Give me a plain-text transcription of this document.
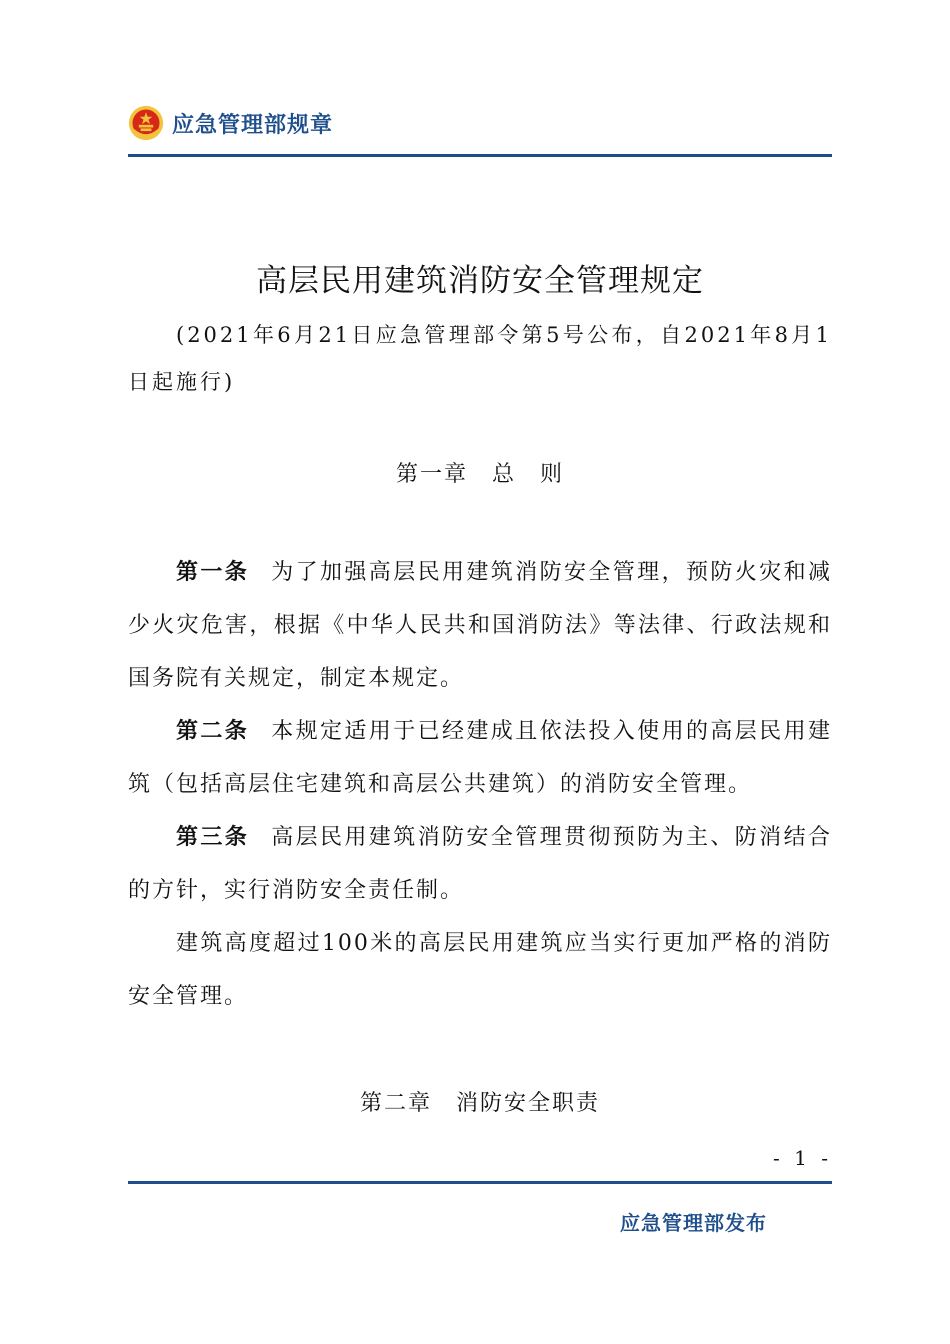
应急管理部规章
高层民用建筑消防安全管理规定

(2021年6月21日应急管理部令第5号公布，自2021年8月1日起施行)

第一章　总　则

第一条 为了加强高层民用建筑消防安全管理，预防火灾和减少火灾危害，根据《中华人民共和国消防法》等法律、行政法规和国务院有关规定，制定本规定。

第二条 本规定适用于已经建成且依法投入使用的高层民用建筑（包括高层住宅建筑和高层公共建筑）的消防安全管理。

第三条 高层民用建筑消防安全管理贯彻预防为主、防消结合的方针，实行消防安全责任制。

建筑高度超过100米的高层民用建筑应当实行更加严格的消防安全管理。

第二章　消防安全职责
- 1 -
应急管理部发布
